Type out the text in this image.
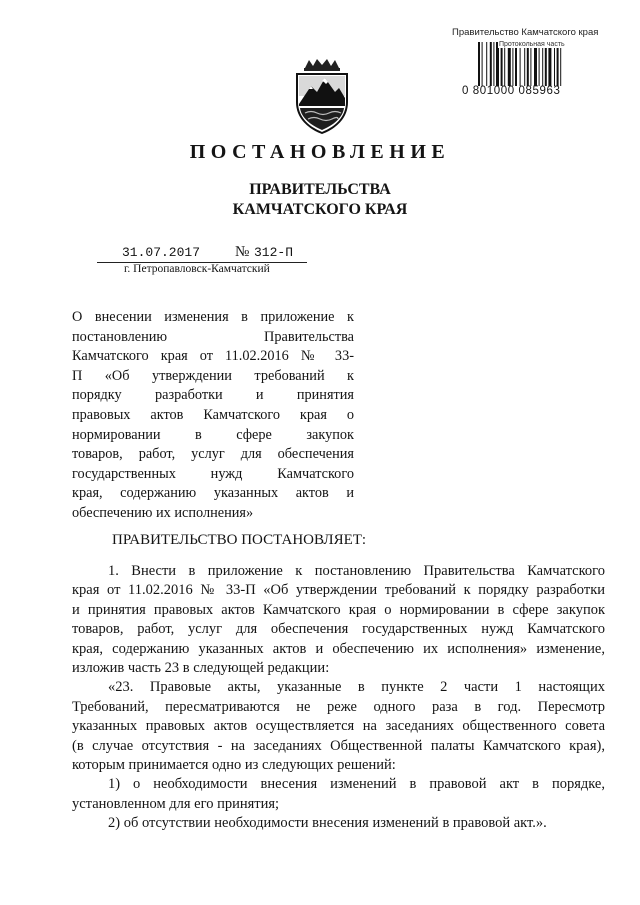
Правительство Камчатского края
Протокольная часть
0 801000 085963
ПОСТАНОВЛЕНИЕ
ПРАВИТЕЛЬСТВА
КАМЧАТСКОГО КРАЯ
31.07.2017	№ 312-П
г. Петропавловск-Камчатский
О внесении изменения в приложение к
постановлению Правительства
Камчатского края от 11.02.2016 № 33-
П «Об утверждении требований к
порядку разработки и принятия
правовых актов Камчатского края о
нормировании в сфере закупок
товаров, работ, услуг для обеспечения
государственных нужд Камчатского
края, содержанию указанных актов и
обеспечению их исполнения»
ПРАВИТЕЛЬСТВО ПОСТАНОВЛЯЕТ:
1. Внести в приложение к постановлению Правительства Камчатского
края от 11.02.2016 № 33-П «Об утверждении требований к порядку разработки
и принятия правовых актов Камчатского края о нормировании в сфере закупок
товаров, работ, услуг для обеспечения государственных нужд Камчатского
края, содержанию указанных актов и обеспечению их исполнения» изменение,
изложив часть 23 в следующей редакции:
«23. Правовые акты, указанные в пункте 2 части 1 настоящих
Требований, пересматриваются не реже одного раза в год. Пересмотр
указанных правовых актов осуществляется на заседаниях общественного совета
(в случае отсутствия - на заседаниях Общественной палаты Камчатского края),
которым принимается одно из следующих решений:
1) о необходимости внесения изменений в правовой акт в порядке,
установленном для его принятия;
2) об отсутствии необходимости внесения изменений в правовой акт.».
